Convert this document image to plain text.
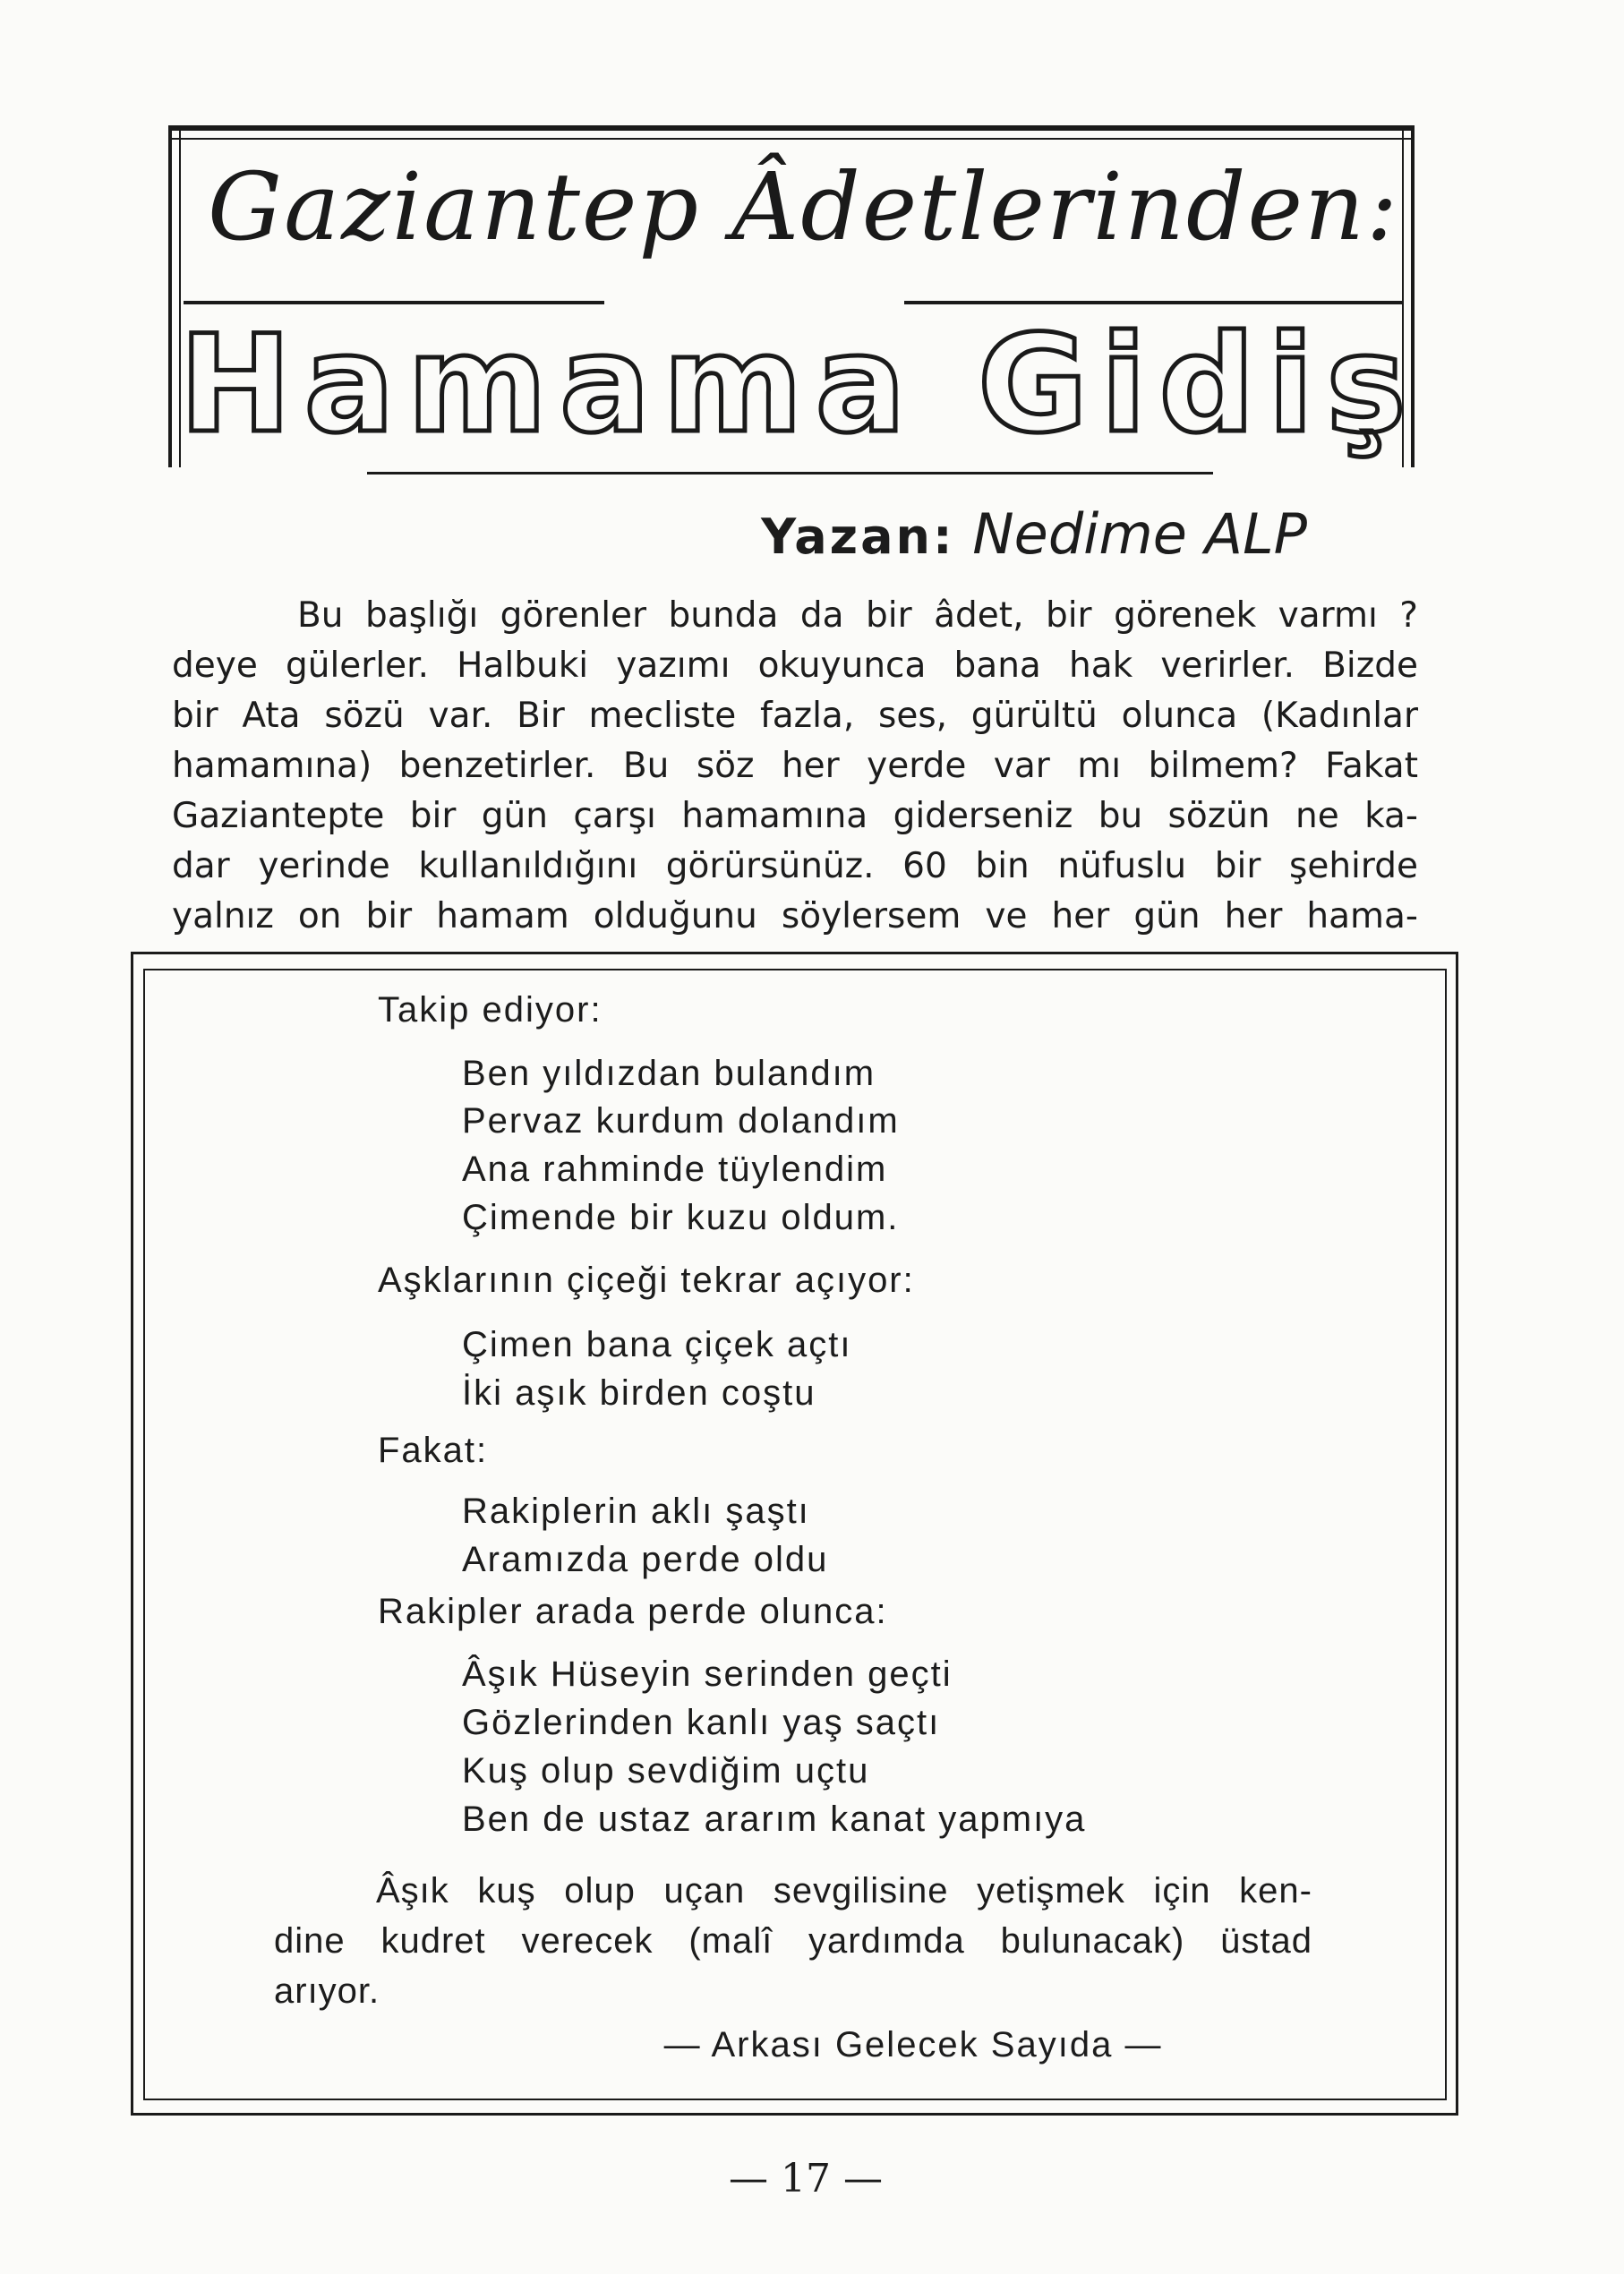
Gaziantep Âdetlerinden:
Hamama Gidiş
Yazan: Nedime ALP
Bu başlığı görenler bunda da bir âdet, bir görenek varmı ?
deye gülerler. Halbuki yazımı okuyunca bana hak verirler. Bizde
bir Ata sözü var. Bir mecliste fazla, ses, gürültü olunca (Kadınlar
hamamına) benzetirler. Bu söz her yerde var mı bilmem? Fakat
Gaziantepte bir gün çarşı hamamına giderseniz bu sözün ne ka-
dar yerinde kullanıldığını görürsünüz. 60 bin nüfuslu bir şehirde
yalnız on bir hamam olduğunu söylersem ve her gün her hama-
Takip ediyor:
Ben yıldızdan bulandım
Pervaz kurdum dolandım
Ana rahminde tüylendim
Çimende bir kuzu oldum.
Aşklarının çiçeği tekrar açıyor:
Çimen bana çiçek açtı
İki aşık birden coştu
Fakat:
Rakiplerin aklı şaştı
Aramızda perde oldu
Rakipler arada perde olunca:
Âşık Hüseyin serinden geçti
Gözlerinden kanlı yaş saçtı
Kuş olup sevdiğim uçtu
Ben de ustaz ararım kanat yapmıya
Âşık kuş olup uçan sevgilisine yetişmek için ken-
dine kudret verecek (malî yardımda bulunacak) üstad
arıyor.
— Arkası Gelecek Sayıda —
— 17 —
